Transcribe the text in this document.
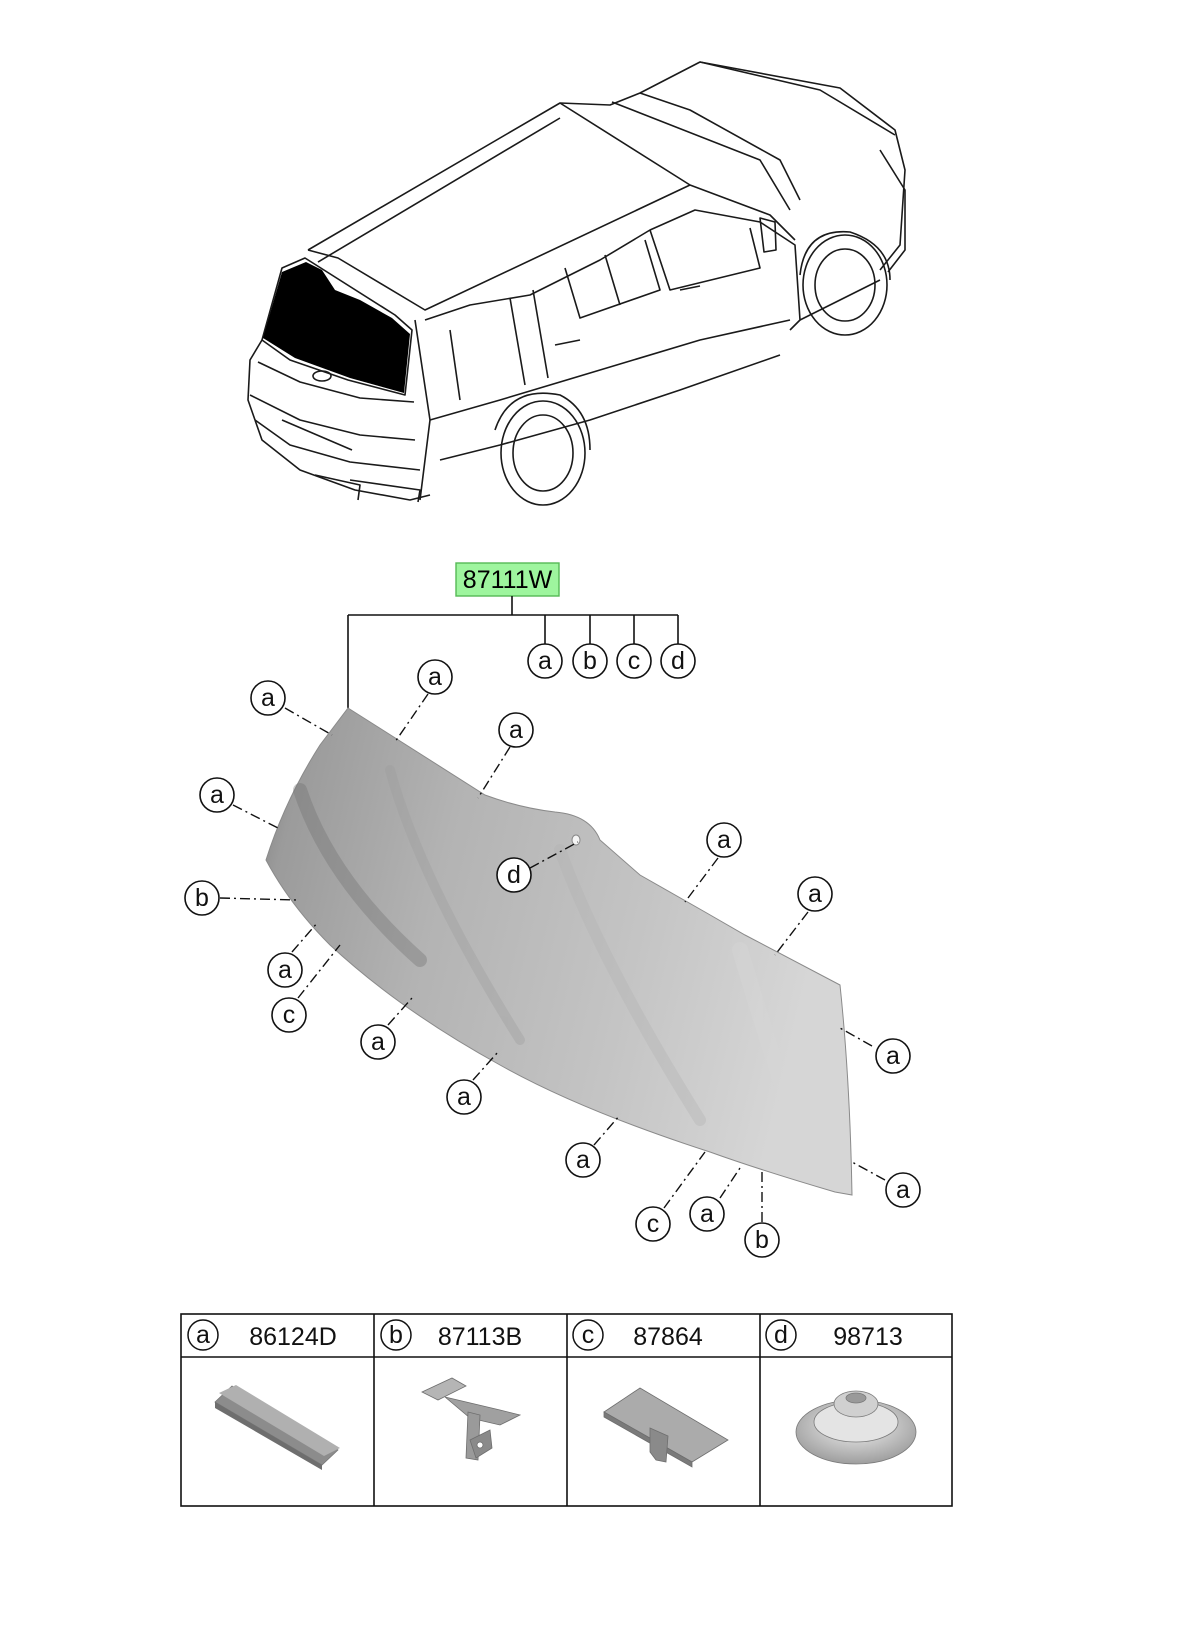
87111W
a b c d
a
a
a
a
b
a
c
a
a
d
a
a
a
a
c a
b
a
a 86124D b 87113B c 87864	d 98713
